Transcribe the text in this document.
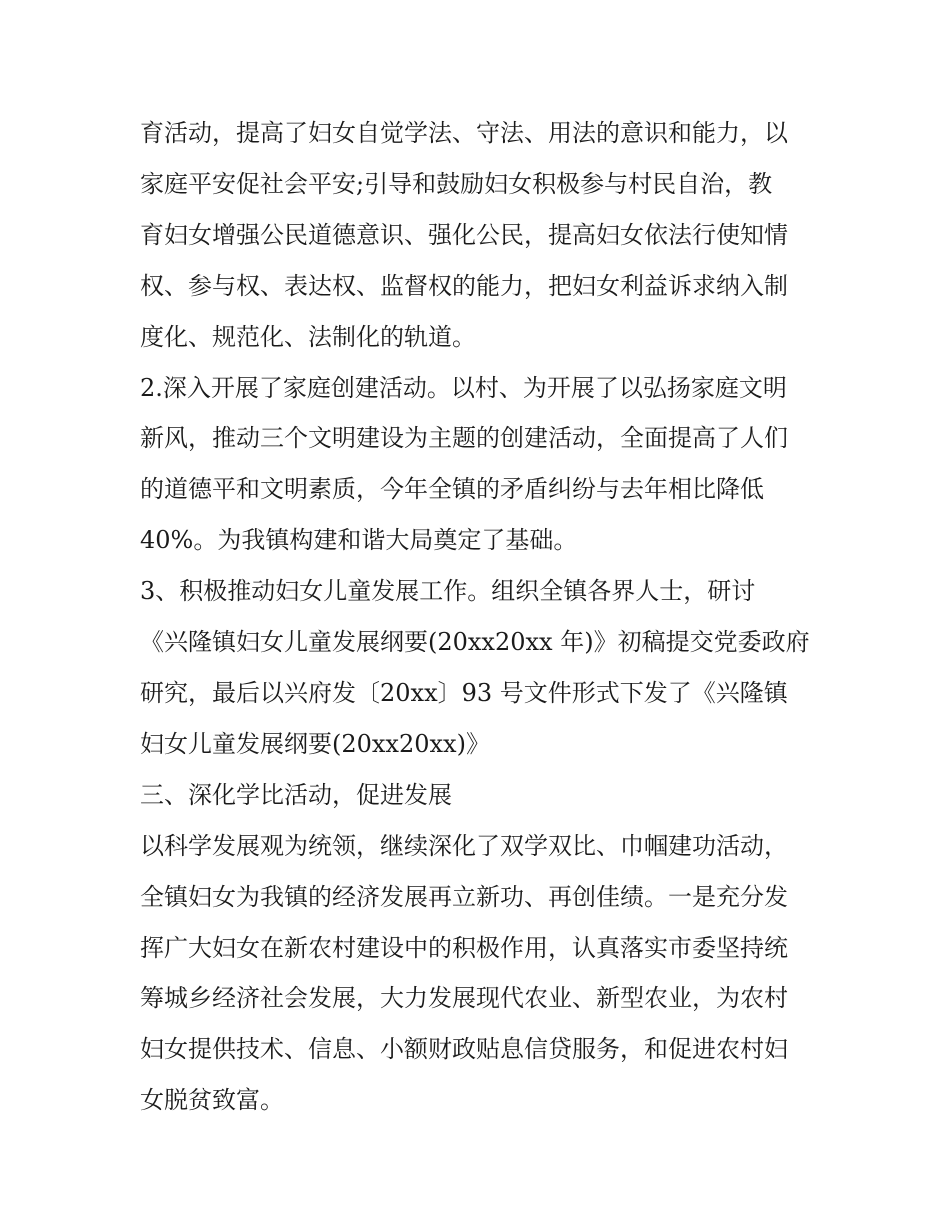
育活动，提高了妇女自觉学法、守法、用法的意识和能力，以

家庭平安促社会平安;引导和鼓励妇女积极参与村民自治，教

育妇女增强公民道德意识、强化公民，提高妇女依法行使知情

权、参与权、表达权、监督权的能力，把妇女利益诉求纳入制

度化、规范化、法制化的轨道。

2.深入开展了家庭创建活动。以村、为开展了以弘扬家庭文明

新风，推动三个文明建设为主题的创建活动，全面提高了人们

的道德平和文明素质，今年全镇的矛盾纠纷与去年相比降低

40%。为我镇构建和谐大局奠定了基础。

3、积极推动妇女儿童发展工作。组织全镇各界人士，研讨

《兴隆镇妇女儿童发展纲要(20xx20xx 年)》初稿提交党委政府

研究，最后以兴府发〔20xx〕93 号文件形式下发了《兴隆镇

妇女儿童发展纲要(20xx20xx)》

三、深化学比活动，促进发展

以科学发展观为统领，继续深化了双学双比、巾帼建功活动，

全镇妇女为我镇的经济发展再立新功、再创佳绩。一是充分发

挥广大妇女在新农村建设中的积极作用，认真落实市委坚持统

筹城乡经济社会发展，大力发展现代农业、新型农业，为农村

妇女提供技术、信息、小额财政贴息信贷服务，和促进农村妇

女脱贫致富。
